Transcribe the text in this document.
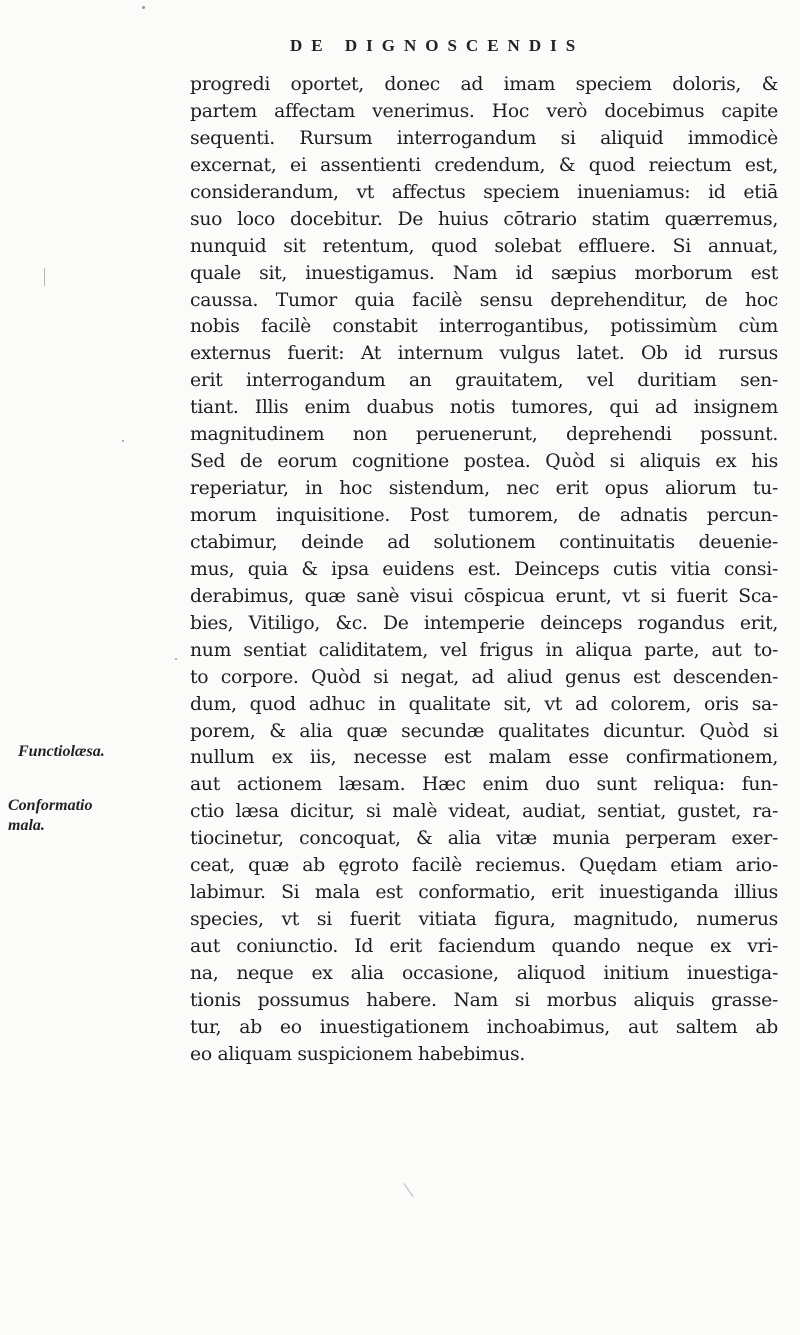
DE DIGNOSCENDIS
progredi oportet, donec ad imam speciem doloris, &
partem affectam venerimus. Hoc verò docebimus capite
sequenti. Rursum interrogandum si aliquid immodicè
excernat, ei assentienti credendum, & quod reiectum est,
considerandum, vt affectus speciem inueniamus: id etiā
suo loco docebitur. De huius cōtrario statim quærremus,
nunquid sit retentum, quod solebat effluere. Si annuat,
quale sit, inuestigamus. Nam id sæpius morborum est
caussa. Tumor quia facilè sensu deprehenditur, de hoc
nobis facilè constabit interrogantibus, potissimùm cùm
externus fuerit: At internum vulgus latet. Ob id rursus
erit interrogandum an grauitatem, vel duritiam sen-
tiant. Illis enim duabus notis tumores, qui ad insignem
magnitudinem non peruenerunt, deprehendi possunt.
Sed de eorum cognitione postea. Quòd si aliquis ex his
reperiatur, in hoc sistendum, nec erit opus aliorum tu-
morum inquisitione. Post tumorem, de adnatis percun-
ctabimur, deinde ad solutionem continuitatis deuenie-
mus, quia & ipsa euidens est. Deinceps cutis vitia consi-
derabimus, quæ sanè visui cōspicua erunt, vt si fuerit Sca-
bies, Vitiligo, &c. De intemperie deinceps rogandus erit,
num sentiat caliditatem, vel frigus in aliqua parte, aut to-
to corpore. Quòd si negat, ad aliud genus est descenden-
dum, quod adhuc in qualitate sit, vt ad colorem, oris sa-
porem, & alia quæ secundæ qualitates dicuntur. Quòd si
nullum ex iis, necesse est malam esse confirmationem,
aut actionem læsam. Hæc enim duo sunt reliqua: fun-
ctio læsa dicitur, si malè videat, audiat, sentiat, gustet, ra-
tiocinetur, concoquat, & alia vitæ munia perperam exer-
ceat, quæ ab ęgroto facilè reciemus. Quędam etiam ario-
labimur. Si mala est conformatio, erit inuestiganda illius
species, vt si fuerit vitiata figura, magnitudo, numerus
aut coniunctio. Id erit faciendum quando neque ex vri-
na, neque ex alia occasione, aliquod initium inuestiga-
tionis possumus habere. Nam si morbus aliquis grasse-
tur, ab eo inuestigationem inchoabimus, aut saltem ab
eo aliquam suspicionem habebimus.
Functiolæsa.
Conformatio
mala.
